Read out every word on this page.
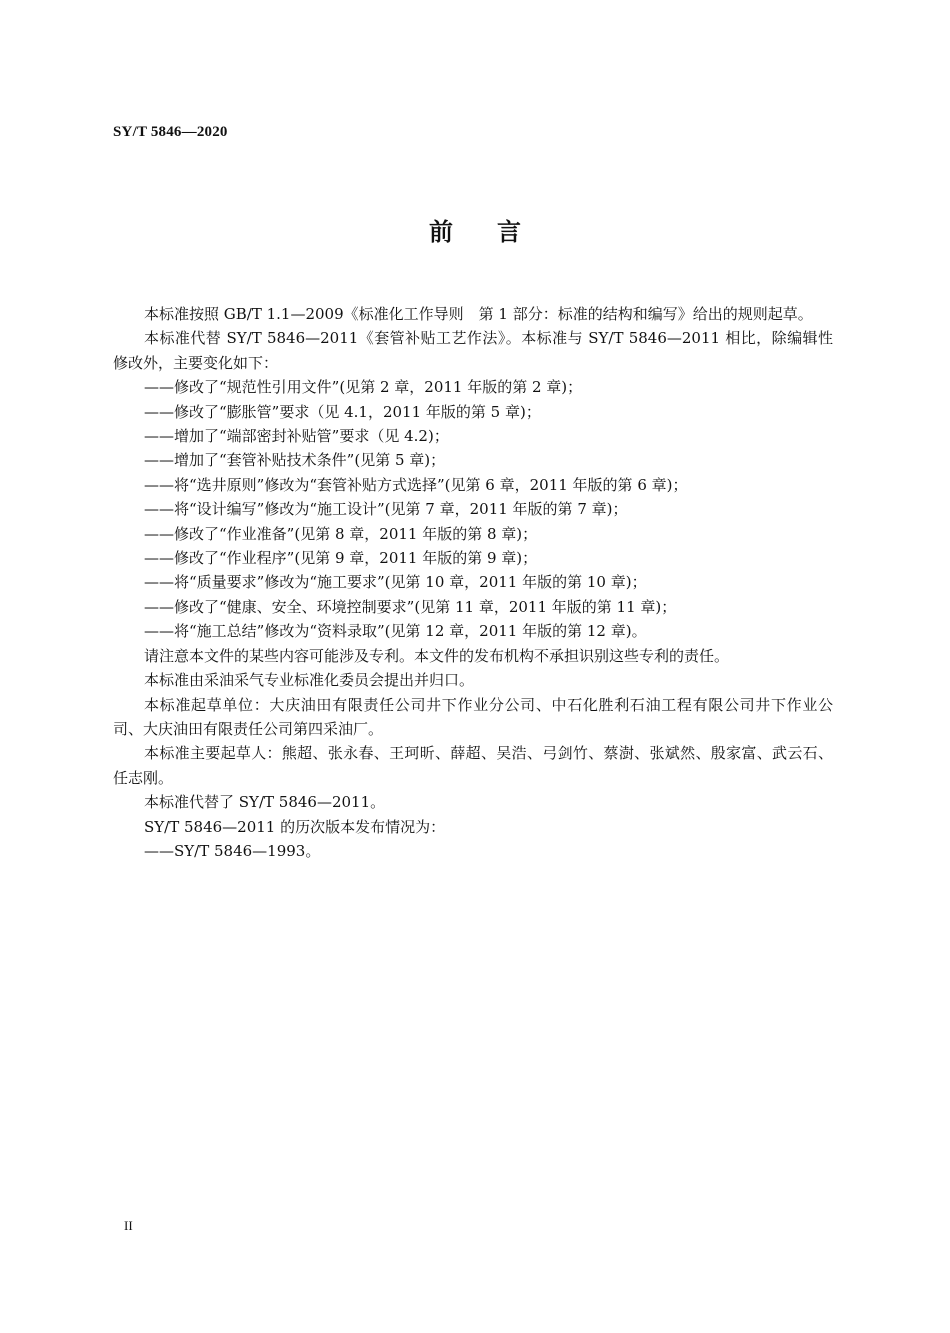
SY/T 5846—2020
前言

本标准按照 GB/T 1.1—2009《标准化工作导则　第 1 部分：标准的结构和编写》给出的规则起草。

本标准代替 SY/T 5846—2011《套管补贴工艺作法》。本标准与 SY/T 5846—2011 相比，除编辑性修改外，主要变化如下：

——修改了“规范性引用文件”(见第 2 章，2011 年版的第 2 章)；

——修改了“膨胀管”要求（见 4.1，2011 年版的第 5 章)；

——增加了“端部密封补贴管”要求（见 4.2)；

——增加了“套管补贴技术条件”(见第 5 章)；

——将“选井原则”修改为“套管补贴方式选择”(见第 6 章，2011 年版的第 6 章)；

——将“设计编写”修改为“施工设计”(见第 7 章，2011 年版的第 7 章)；

——修改了“作业准备”(见第 8 章，2011 年版的第 8 章)；

——修改了“作业程序”(见第 9 章，2011 年版的第 9 章)；

——将“质量要求”修改为“施工要求”(见第 10 章，2011 年版的第 10 章)；

——修改了“健康、安全、环境控制要求”(见第 11 章，2011 年版的第 11 章)；

——将“施工总结”修改为“资料录取”(见第 12 章，2011 年版的第 12 章)。

请注意本文件的某些内容可能涉及专利。本文件的发布机构不承担识别这些专利的责任。

本标准由采油采气专业标准化委员会提出并归口。

本标准起草单位：大庆油田有限责任公司井下作业分公司、中石化胜利石油工程有限公司井下作业公司、大庆油田有限责任公司第四采油厂。

本标准主要起草人：熊超、张永春、王珂昕、薛超、吴浩、弓剑竹、蔡澍、张斌然、殷家富、武云石、任志刚。

本标准代替了 SY/T 5846—2011。

SY/T 5846—2011 的历次版本发布情况为：

——SY/T 5846—1993。

II
